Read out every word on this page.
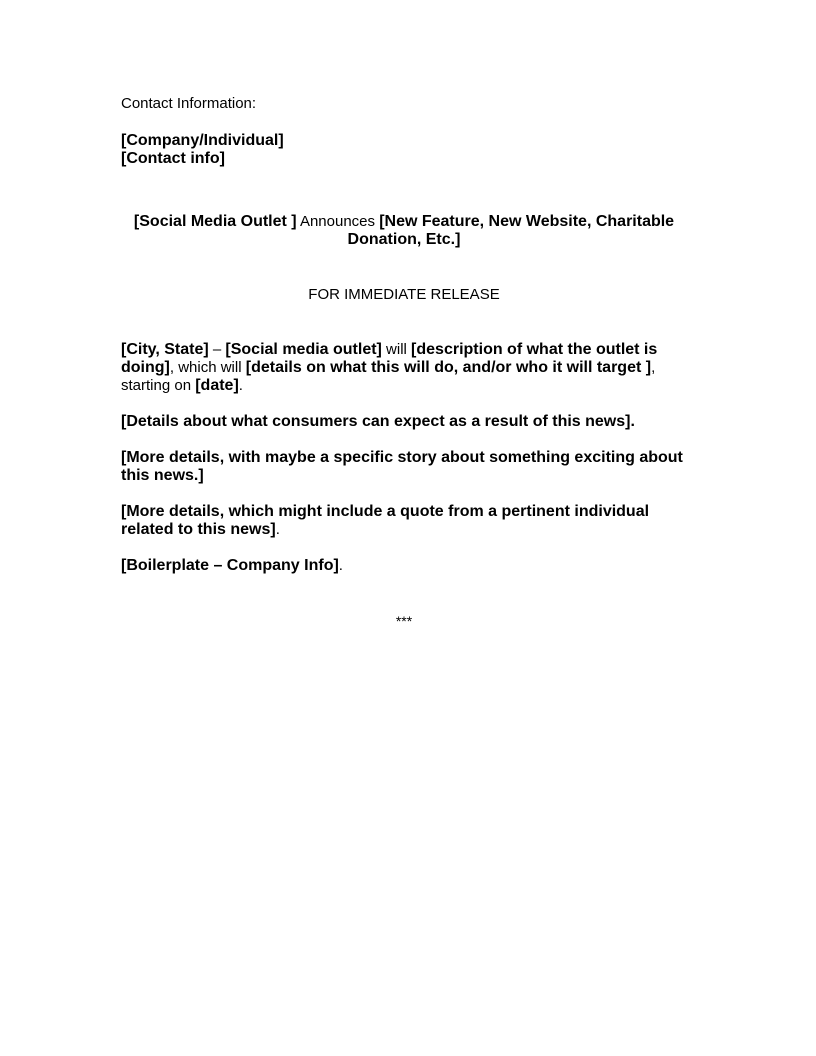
Contact Information:

[Company/Individual]

[Contact info]

[Social Media Outlet ] Announces [New Feature, New Website, Charitable Donation, Etc.]

FOR IMMEDIATE RELEASE

[City, State] – [Social media outlet] will [description of what the outlet is doing], which will [details on what this will do, and/or who it will target ], starting on [date].

[Details about what consumers can expect as a result of this news].

[More details, with maybe a specific story about something exciting about this news.]

[More details, which might include a quote from a pertinent individual related to this news].

[Boilerplate – Company Info].

***
